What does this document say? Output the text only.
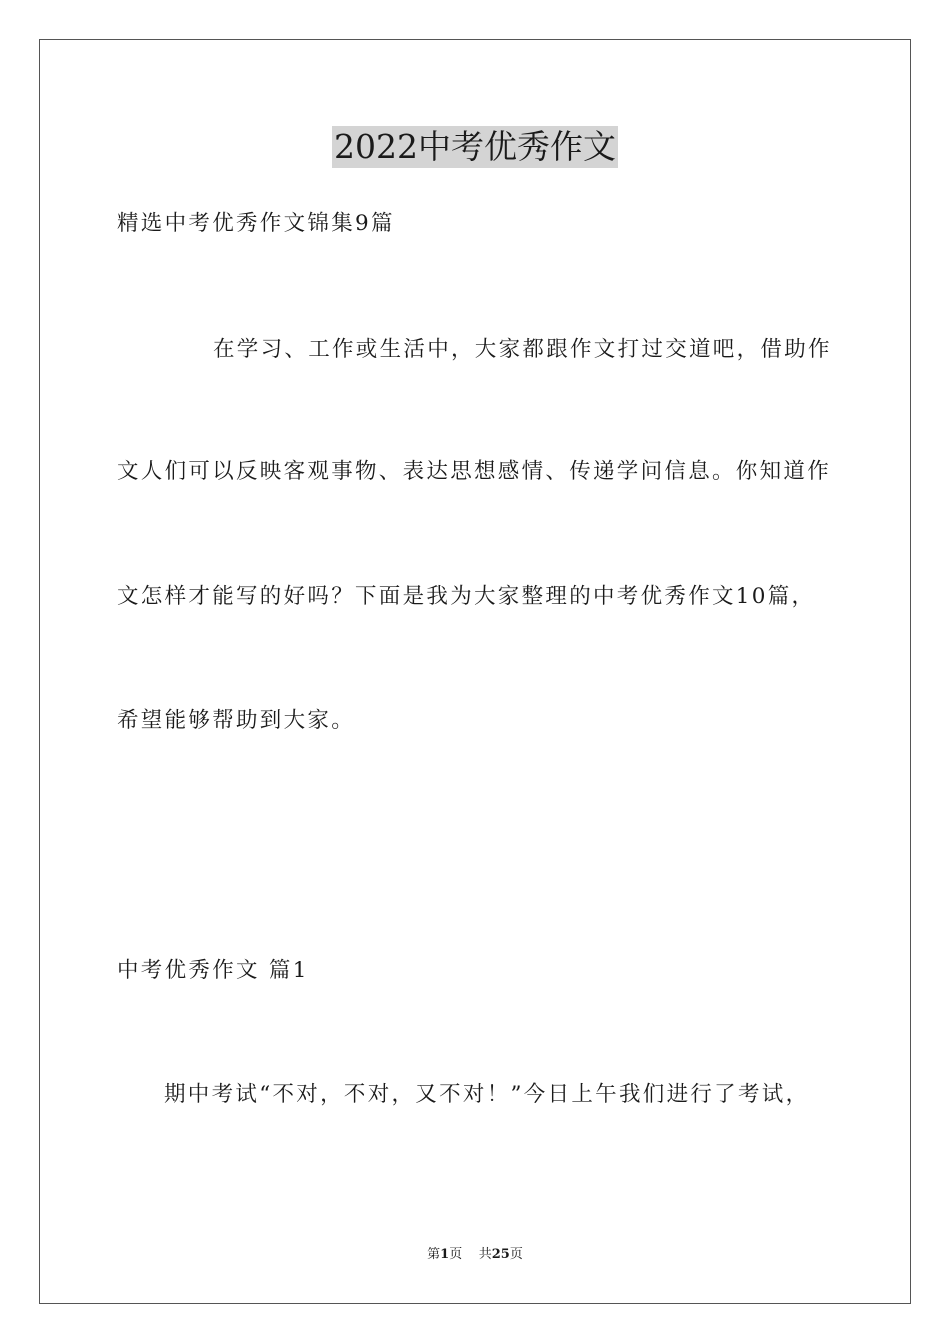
2022中考优秀作文
精选中考优秀作文锦集9篇
在学习、工作或生活中，大家都跟作文打过交道吧，借助作
文人们可以反映客观事物、表达思想感情、传递学问信息。你知道作
文怎样才能写的好吗？下面是我为大家整理的中考优秀作文10篇，
希望能够帮助到大家。
中考优秀作文 篇1
期中考试“不对，不对，又不对！”今日上午我们进行了考试，
第1页 共25页
